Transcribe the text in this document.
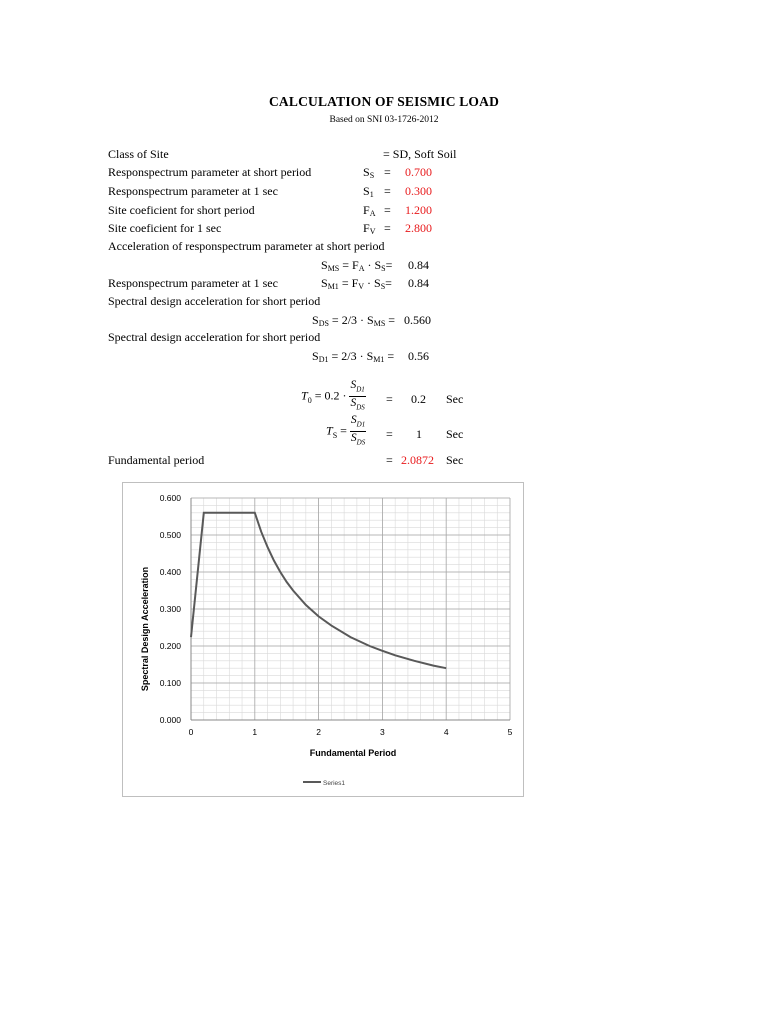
CALCULATION OF SEISMIC LOAD
Based on SNI 03-1726-2012
Class of Site	= SD, Soft Soil
Responspectrum parameter at short period	$S_S = 0.700$
Responspectrum parameter at 1 sec	$S_1 = 0.300$
Site coeficient for short period	$F_A = 1.200$
Site coeficient for 1 sec	$F_V = 2.800$
Acceleration of responspectrum parameter at short period
$S_{MS} = F_A \cdot S_S= 0.84$
Responspectrum parameter at 1 sec	$S_{M1} = F_V \cdot S_S= 0.84$
Spectral design acceleration for short period
$S_{DS} = 2/3 \cdot S_{MS} = 0.560$
Spectral design acceleration for short period
$S_{D1} = 2/3 \cdot S_{M1} = 0.56$
$T_0 = 0.2 \cdot \frac{S_{D1}}{S_{DS}} = 0.2$ Sec
$T_S = \frac{S_{D1}}{S_{DS}} = 1$ Sec
Fundamental period	= 2.0872 Sec
0	1	2	3	4	5
0.000
0.100
0.200
0.300
0.400
0.500
0.600
Fundamental Period
Spectral Design Acceleration
Series1
